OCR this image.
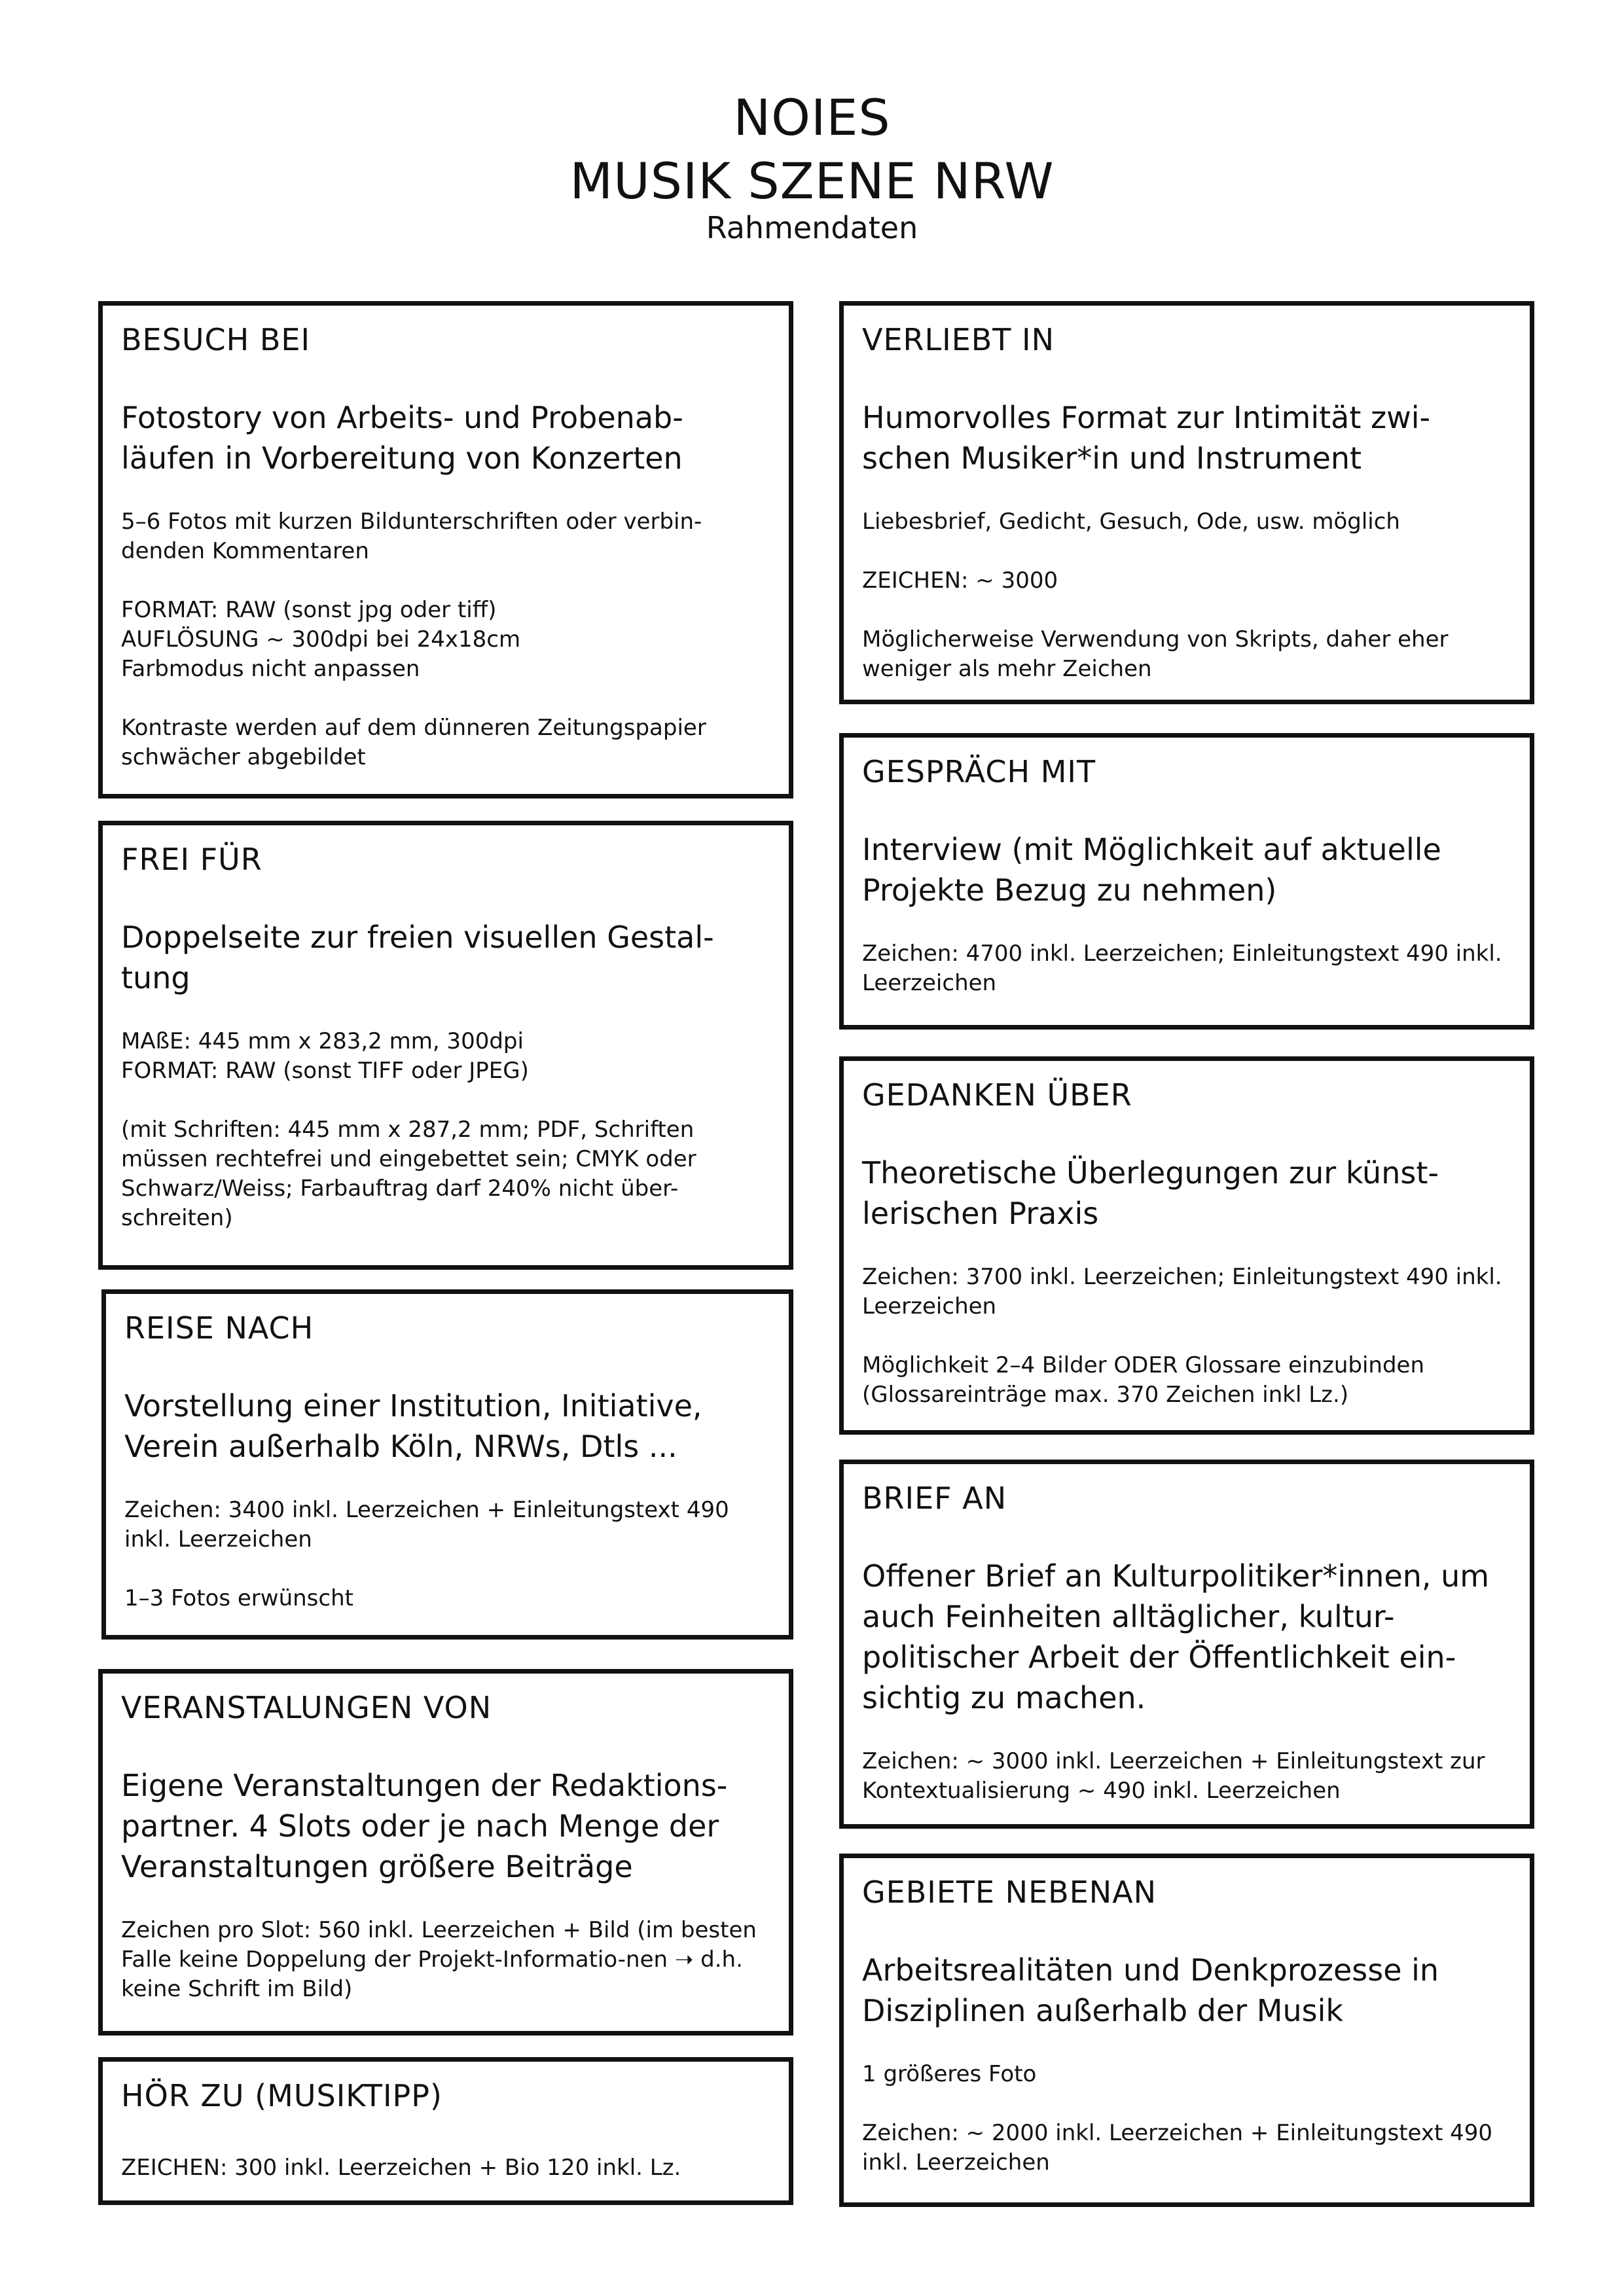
NOIES
MUSIK SZENE NRW
Rahmendaten
BESUCH BEI
Fotostory von Arbeits- und Probenab-läufen in Vorbereitung von Konzerten
5–6 Fotos mit kurzen Bildunterschriften oder verbin-denden Kommentaren
FORMAT: RAW (sonst jpg oder tiff)
AUFLÖSUNG ~ 300dpi bei 24x18cm
Farbmodus nicht anpassen
Kontraste werden auf dem dünneren Zeitungspapier schwächer abgebildet
FREI FÜR
Doppelseite zur freien visuellen Gestal-tung
MAßE: 445 mm x 283,2 mm, 300dpi
FORMAT: RAW (sonst TIFF oder JPEG)
(mit Schriften: 445 mm x 287,2 mm; PDF, Schriften müssen rechtefrei und eingebettet sein; CMYK oder Schwarz/Weiss; Farbauftrag darf 240% nicht über-schreiten)
REISE NACH
Vorstellung einer Institution, Initiative, Verein außerhalb Köln, NRWs, Dtls ...
Zeichen: 3400 inkl. Leerzeichen + Einleitungstext 490 inkl. Leerzeichen
1–3 Fotos erwünscht
VERANSTALUNGEN VON
Eigene Veranstaltungen der Redaktions-partner. 4 Slots oder je nach Menge der Veranstaltungen größere Beiträge
Zeichen pro Slot: 560 inkl. Leerzeichen + Bild (im besten Falle keine Doppelung der Projekt-Informatio-nen ➝ d.h. keine Schrift im Bild)
HÖR ZU (MUSIKTIPP)
ZEICHEN: 300 inkl. Leerzeichen + Bio 120 inkl. Lz.
VERLIEBT IN
Humorvolles Format zur Intimität zwi-schen Musiker*in und Instrument
Liebesbrief, Gedicht, Gesuch, Ode, usw. möglich
ZEICHEN: ~ 3000
Möglicherweise Verwendung von Skripts, daher eher weniger als mehr Zeichen
GESPRÄCH MIT
Interview (mit Möglichkeit auf aktuelle Projekte Bezug zu nehmen)
Zeichen: 4700 inkl. Leerzeichen; Einleitungstext 490 inkl. Leerzeichen
GEDANKEN ÜBER
Theoretische Überlegungen zur künst-lerischen Praxis
Zeichen: 3700 inkl. Leerzeichen; Einleitungstext 490 inkl. Leerzeichen
Möglichkeit 2–4 Bilder ODER Glossare einzubinden (Glossareinträge max. 370 Zeichen inkl Lz.)
BRIEF AN
Offener Brief an Kulturpolitiker*innen, um auch Feinheiten alltäglicher, kultur-politischer Arbeit der Öffentlichkeit ein-sichtig zu machen.
Zeichen: ~ 3000 inkl. Leerzeichen + Einleitungstext zur Kontextualisierung ~ 490 inkl. Leerzeichen
GEBIETE NEBENAN
Arbeitsrealitäten und Denkprozesse in Disziplinen außerhalb der Musik
1 größeres Foto
Zeichen: ~ 2000 inkl. Leerzeichen + Einleitungstext 490 inkl. Leerzeichen
